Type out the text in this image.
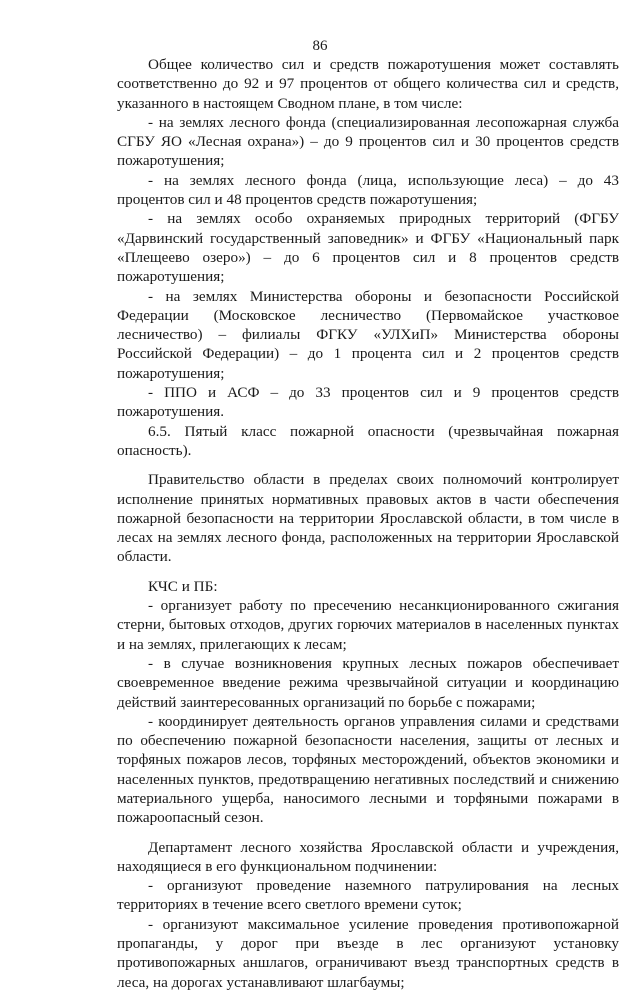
86

Общее количество сил и средств пожаротушения может составлять соответственно до 92 и 97 процентов от общего количества сил и средств, указанного в настоящем Сводном плане, в том числе:

- на землях лесного фонда (специализированная лесопожарная служба СГБУ ЯО «Лесная охрана») – до 9 процентов сил и 30 процентов средств пожаротушения;

- на землях лесного фонда (лица, использующие леса) – до 43 процентов сил и 48 процентов средств пожаротушения;

- на землях особо охраняемых природных территорий (ФГБУ «Дарвинский государственный заповедник» и ФГБУ «Национальный парк «Плещеево озеро») – до 6 процентов сил и 8 процентов средств пожаротушения;

- на землях Министерства обороны и безопасности Российской Федерации (Московское лесничество (Первомайское участковое лесничество) – филиалы ФГКУ «УЛХиП» Министерства обороны Российской Федерации) – до 1 процента сил и 2 процентов средств пожаротушения;

- ППО и АСФ – до 33 процентов сил и 9 процентов средств пожаротушения.

6.5. Пятый класс пожарной опасности (чрезвычайная пожарная опасность).

Правительство области в пределах своих полномочий контролирует исполнение принятых нормативных правовых актов в части обеспечения пожарной безопасности на территории Ярославской области, в том числе в лесах на землях лесного фонда, расположенных на территории Ярославской области.

КЧС и ПБ:

- организует работу по пресечению несанкционированного сжигания стерни, бытовых отходов, других горючих материалов в населенных пунктах и на землях, прилегающих к лесам;

- в случае возникновения крупных лесных пожаров обеспечивает своевременное введение режима чрезвычайной ситуации и координацию действий заинтересованных организаций по борьбе с пожарами;

- координирует деятельность органов управления силами и средствами по обеспечению пожарной безопасности населения, защиты от лесных и торфяных пожаров лесов, торфяных месторождений, объектов экономики и населенных пунктов, предотвращению негативных последствий и снижению материального ущерба, наносимого лесными и торфяными пожарами в пожароопасный сезон.

Департамент лесного хозяйства Ярославской области и учреждения, находящиеся в его функциональном подчинении:

- организуют проведение наземного патрулирования на лесных территориях в течение всего светлого времени суток;

- организуют максимальное усиление проведения противопожарной пропаганды, у дорог при въезде в лес организуют установку противопожарных аншлагов, ограничивают въезд транспортных средств в леса, на дорогах устанавливают шлагбаумы;
